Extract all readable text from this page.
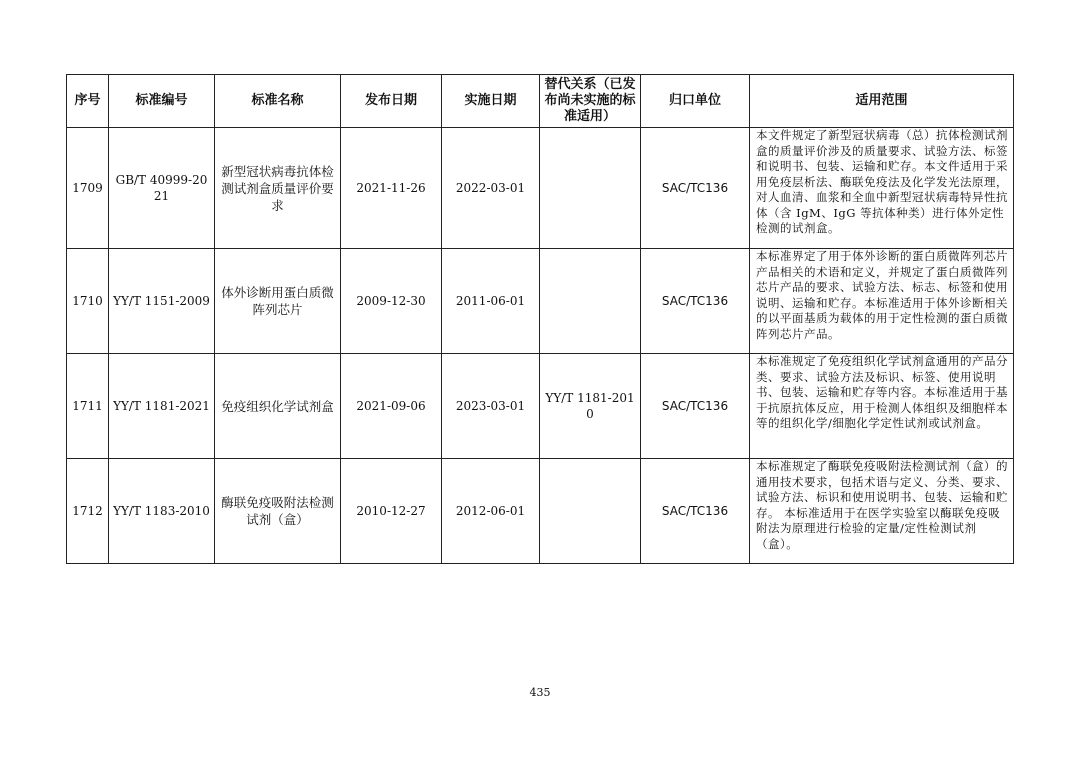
序号	标准编号	标准名称	发布日期	实施日期	替代关系（已发布尚未实施的标准适用）	归口单位	适用范围
1709	GB/T 40999-2021	新型冠状病毒抗体检测试剂盒质量评价要求	2021-11-26	2022-03-01		SAC/TC136	本文件规定了新型冠状病毒（总）抗体检测试剂盒的质量评价涉及的质量要求、试验方法、标签和说明书、包装、运输和贮存。本文件适用于采用免疫层析法、酶联免疫法及化学发光法原理，对人血清、血浆和全血中新型冠状病毒特异性抗体（含 IgM、IgG 等抗体种类）进行体外定性检测的试剂盒。
1710	YY/T 1151-2009	体外诊断用蛋白质微阵列芯片	2009-12-30	2011-06-01		SAC/TC136	本标准界定了用于体外诊断的蛋白质微阵列芯片产品相关的术语和定义，并规定了蛋白质微阵列芯片产品的要求、试验方法、标志、标签和使用说明、运输和贮存。本标准适用于体外诊断相关的以平面基质为载体的用于定性检测的蛋白质微阵列芯片产品。
1711	YY/T 1181-2021	免疫组织化学试剂盒	2021-09-06	2023-03-01	YY/T 1181-2010	SAC/TC136	本标准规定了免疫组织化学试剂盒通用的产品分类、要求、试验方法及标识、标签、使用说明书、包装、运输和贮存等内容。本标准适用于基于抗原抗体反应，用于检测人体组织及细胞样本等的组织化学/细胞化学定性试剂或试剂盒。
1712	YY/T 1183-2010	酶联免疫吸附法检测试剂（盒）	2010-12-27	2012-06-01		SAC/TC136	本标准规定了酶联免疫吸附法检测试剂（盒）的通用技术要求，包括术语与定义、分类、要求、试验方法、标识和使用说明书、包装、运输和贮存。 本标准适用于在医学实验室以酶联免疫吸附法为原理进行检验的定量/定性检测试剂（盒）。
435
